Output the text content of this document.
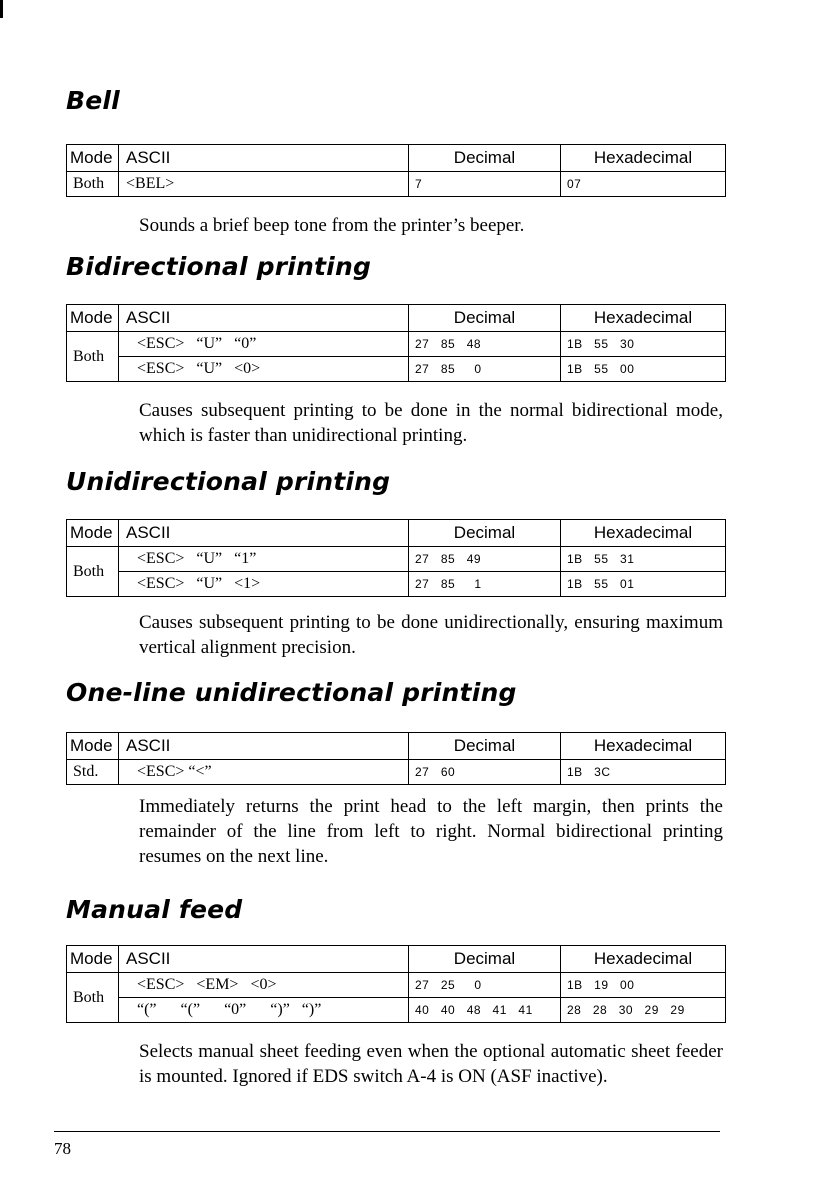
Bell
Mode	ASCII	Decimal	Hexadecimal
Both	<BEL>	7	07
Sounds a brief beep tone from the printer’s beeper.
Bidirectional printing
Mode	ASCII	Decimal	Hexadecimal
Both	<ESC>   “U”   “0”	27   85   48	1B   55   30
	<ESC>   “U”   <0>	27   85     0	1B   55   00
Causes subsequent printing to be done in the normal bidirectional mode, which is faster than unidirectional printing.
Unidirectional printing
Mode	ASCII	Decimal	Hexadecimal
Both	<ESC>   “U”   “1”	27   85   49	1B   55   31
	<ESC>   “U”   <1>	27   85     1	1B   55   01
Causes subsequent printing to be done unidirectionally, ensuring maximum vertical alignment precision.
One-line unidirectional printing
Mode	ASCII	Decimal	Hexadecimal
Std.	<ESC> “<”	27   60	1B   3C
Immediately returns the print head to the left margin, then prints the remainder of the line from left to right. Normal bidirectional printing resumes on the next line.
Manual feed
Mode	ASCII	Decimal	Hexadecimal
Both	<ESC>   <EM>   <0>	27   25     0	1B   19   00
	“(”      “(”      “0”      “)”   “)”	40   40   48   41   41	28   28   30   29   29
Selects manual sheet feeding even when the optional automatic sheet feeder is mounted. Ignored if EDS switch A-4 is ON (ASF inactive).
78
